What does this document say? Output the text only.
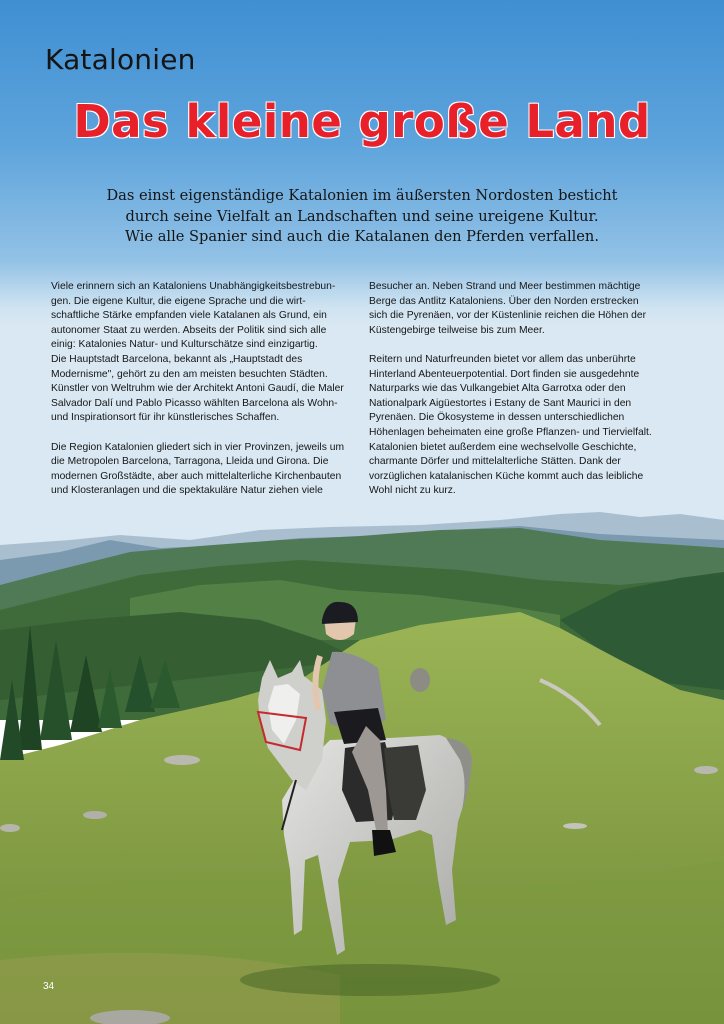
Katalonien
Das kleine große Land
Das einst eigenständige Katalonien im äußersten Nordosten besticht
durch seine Vielfalt an Landschaften und seine ureigene Kultur.
Wie alle Spanier sind auch die Katalanen den Pferden verfallen.
Viele erinnern sich an Kataloniens Unabhängigkeitsbestrebun-
gen. Die eigene Kultur, die eigene Sprache und die wirt-
schaftliche Stärke empfanden viele Katalanen als Grund, ein
autonomer Staat zu werden. Abseits der Politik sind sich alle
einig: Katalonies Natur- und Kulturschätze sind einzigartig.
Die Hauptstadt Barcelona, bekannt als „Hauptstadt des
Modernisme", gehört zu den am meisten besuchten Städten.
Künstler von Weltruhm wie der Architekt Antoni Gaudí, die Maler
Salvador Dalí und Pablo Picasso wählten Barcelona als Wohn-
und Inspirationsort für ihr künstlerisches Schaffen.
Die Region Katalonien gliedert sich in vier Provinzen, jeweils um
die Metropolen Barcelona, Tarragona, Lleida und Girona. Die
modernen Großstädte, aber auch mittelalterliche Kirchenbauten
und Klosteranlagen und die spektakuläre Natur ziehen viele
Besucher an. Neben Strand und Meer bestimmen mächtige
Berge das Antlitz Kataloniens. Über den Norden erstrecken
sich die Pyrenäen, vor der Küstenlinie reichen die Höhen der
Küstengebirge teilweise bis zum Meer.
Reitern und Naturfreunden bietet vor allem das unberührte
Hinterland Abenteuerpotential. Dort finden sie ausgedehnte
Naturparks wie das Vulkangebiet Alta Garrotxa oder den
Nationalpark Aigüestortes i Estany de Sant Maurici in den
Pyrenäen. Die Ökosysteme in dessen unterschiedlichen
Höhenlagen beheimaten eine große Pflanzen- und Tiervielfalt.
Katalonien bietet außerdem eine wechselvolle Geschichte,
charmante Dörfer und mittelalterliche Stätten. Dank der
vorzüglichen katalanischen Küche kommt auch das leibliche
Wohl nicht zu kurz.
34
